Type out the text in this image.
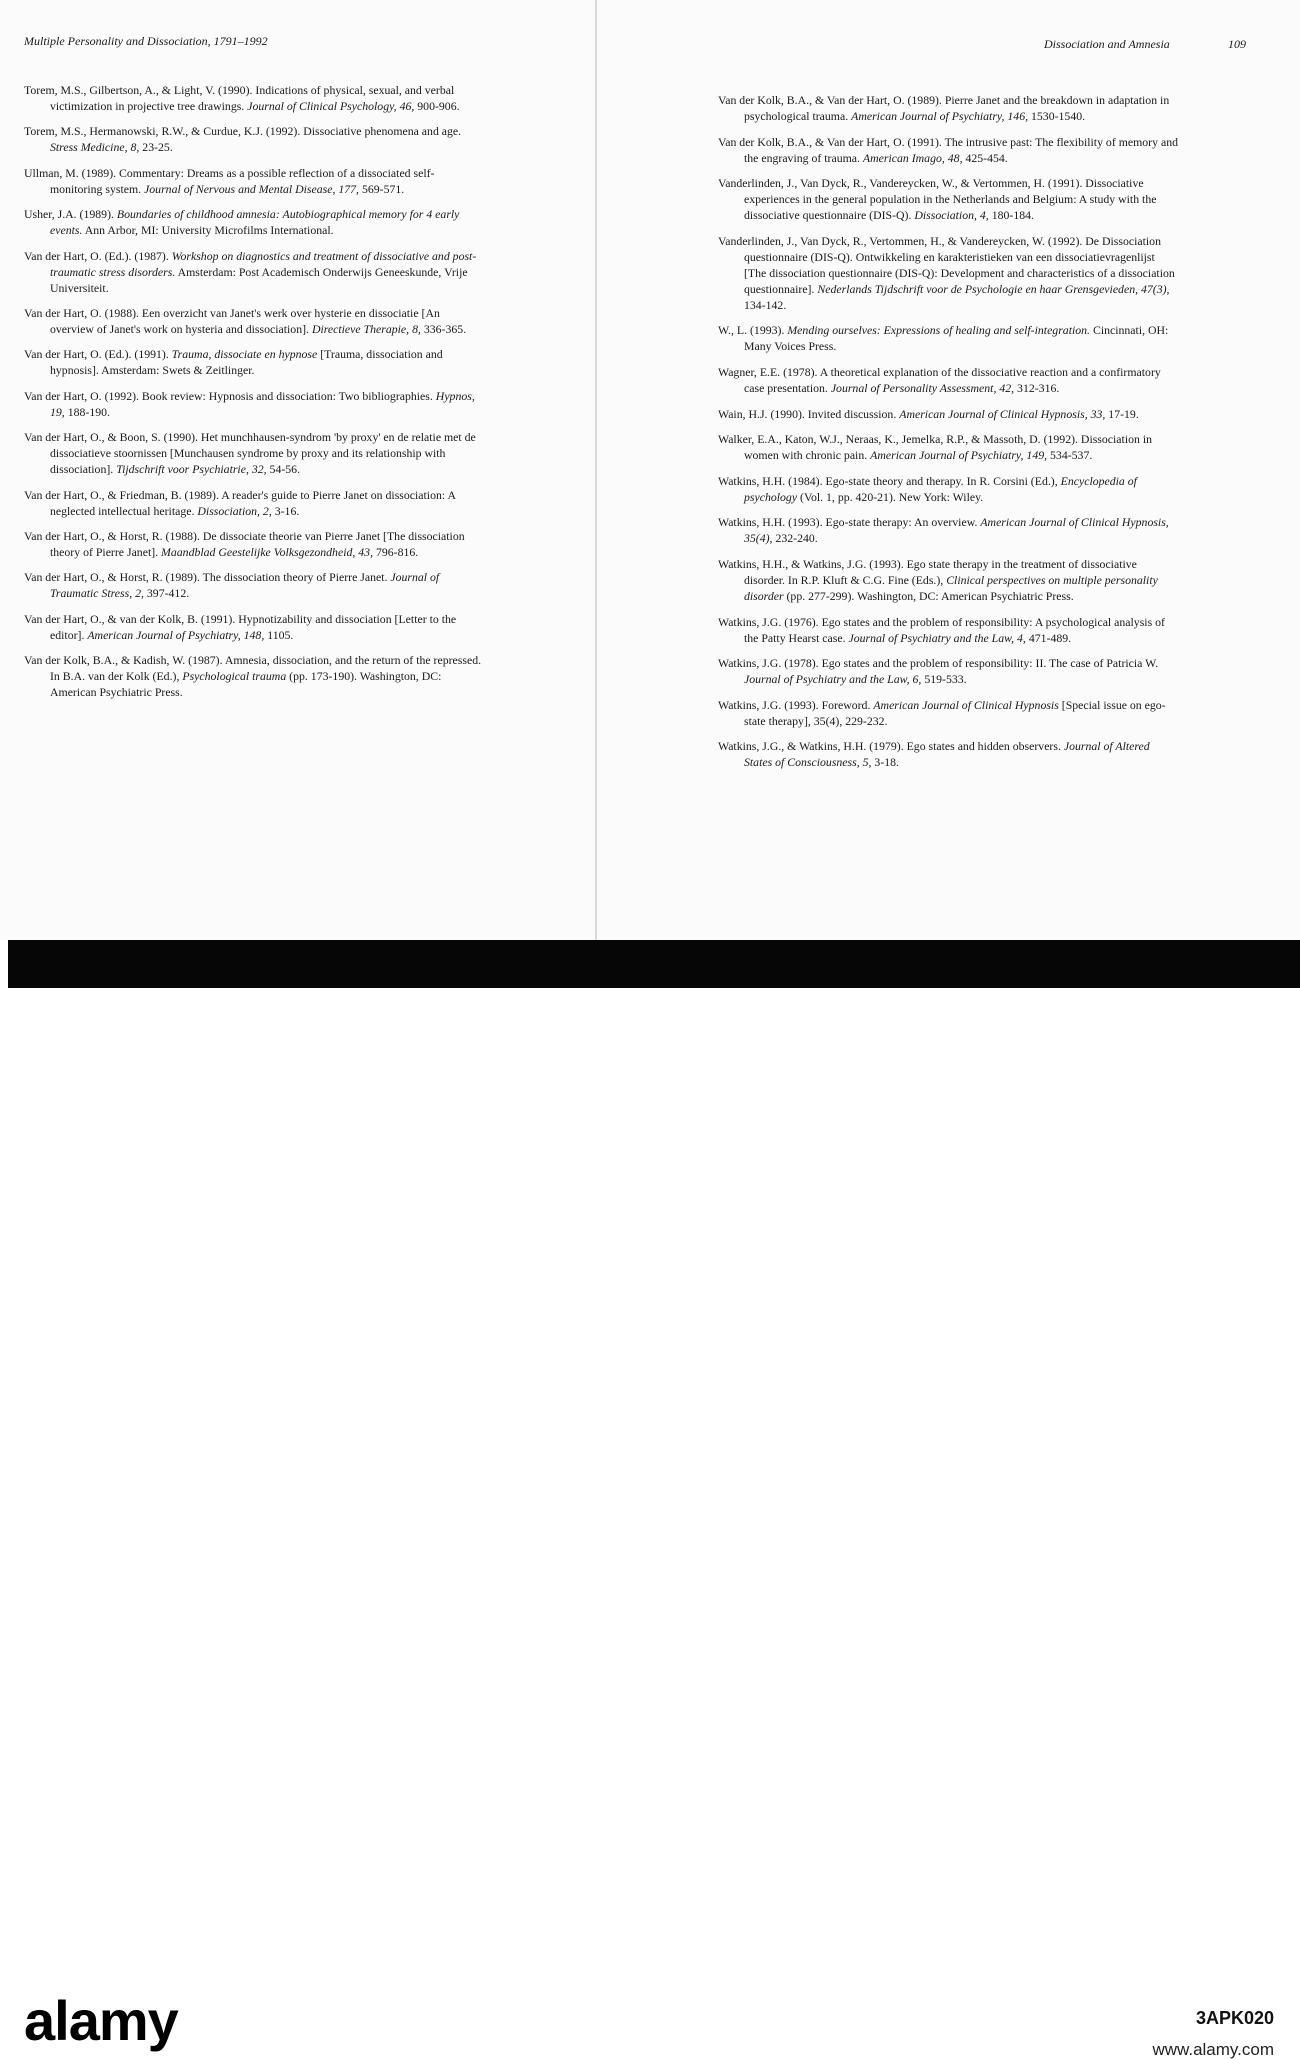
Multiple Personality and Dissociation, 1791–1992	Dissociation and Amnesia	109

Torem, M.S., Gilbertson, A., & Light, V. (1990). Indications of physical, sexual, and verbal victimization in projective tree drawings. Journal of Clinical Psychology, 46, 900-906.

Torem, M.S., Hermanowski, R.W., & Curdue, K.J. (1992). Dissociative phenomena and age. Stress Medicine, 8, 23-25.

Ullman, M. (1989). Commentary: Dreams as a possible reflection of a dissociated self-monitoring system. Journal of Nervous and Mental Disease, 177, 569-571.

Usher, J.A. (1989). Boundaries of childhood amnesia: Autobiographical memory for 4 early events. Ann Arbor, MI: University Microfilms International.

Van der Hart, O. (Ed.). (1987). Workshop on diagnostics and treatment of dissociative and post-traumatic stress disorders. Amsterdam: Post Academisch Onderwijs Geneeskunde, Vrije Universiteit.

Van der Hart, O. (1988). Een overzicht van Janet's werk over hysterie en dissociatie [An overview of Janet's work on hysteria and dissociation]. Directieve Therapie, 8, 336-365.

Van der Hart, O. (Ed.). (1991). Trauma, dissociate en hypnose [Trauma, dissociation and hypnosis]. Amsterdam: Swets & Zeitlinger.

Van der Hart, O. (1992). Book review: Hypnosis and dissociation: Two bibliographies. Hypnos, 19, 188-190.

Van der Hart, O., & Boon, S. (1990). Het munchhausen-syndrom 'by proxy' en de relatie met de dissociatieve stoornissen [Munchausen syndrome by proxy and its relationship with dissociation]. Tijdschrift voor Psychiatrie, 32, 54-56.

Van der Hart, O., & Friedman, B. (1989). A reader's guide to Pierre Janet on dissociation: A neglected intellectual heritage. Dissociation, 2, 3-16.

Van der Hart, O., & Horst, R. (1988). De dissociate theorie van Pierre Janet [The dissociation theory of Pierre Janet]. Maandblad Geestelijke Volksgezondheid, 43, 796-816.

Van der Hart, O., & Horst, R. (1989). The dissociation theory of Pierre Janet. Journal of Traumatic Stress, 2, 397-412.

Van der Hart, O., & van der Kolk, B. (1991). Hypnotizability and dissociation [Letter to the editor]. American Journal of Psychiatry, 148, 1105.

Van der Kolk, B.A., & Kadish, W. (1987). Amnesia, dissociation, and the return of the repressed. In B.A. van der Kolk (Ed.), Psychological trauma (pp. 173-190). Washington, DC: American Psychiatric Press.

Van der Kolk, B.A., & Van der Hart, O. (1989). Pierre Janet and the breakdown in adaptation in psychological trauma. American Journal of Psychiatry, 146, 1530-1540.

Van der Kolk, B.A., & Van der Hart, O. (1991). The intrusive past: The flexibility of memory and the engraving of trauma. American Imago, 48, 425-454.

Vanderlinden, J., Van Dyck, R., Vandereycken, W., & Vertommen, H. (1991). Dissociative experiences in the general population in the Netherlands and Belgium: A study with the dissociative questionnaire (DIS-Q). Dissociation, 4, 180-184.

Vanderlinden, J., Van Dyck, R., Vertommen, H., & Vandereycken, W. (1992). De Dissociation questionnaire (DIS-Q). Ontwikkeling en karakteristieken van een dissociatievragenlijst [The dissociation questionnaire (DIS-Q): Development and characteristics of a dissociation questionnaire]. Nederlands Tijdschrift voor de Psychologie en haar Grensgevieden, 47(3), 134-142.

W., L. (1993). Mending ourselves: Expressions of healing and self-integration. Cincinnati, OH: Many Voices Press.

Wagner, E.E. (1978). A theoretical explanation of the dissociative reaction and a confirmatory case presentation. Journal of Personality Assessment, 42, 312-316.

Wain, H.J. (1990). Invited discussion. American Journal of Clinical Hypnosis, 33, 17-19.

Walker, E.A., Katon, W.J., Neraas, K., Jemelka, R.P., & Massoth, D. (1992). Dissociation in women with chronic pain. American Journal of Psychiatry, 149, 534-537.

Watkins, H.H. (1984). Ego-state theory and therapy. In R. Corsini (Ed.), Encyclopedia of psychology (Vol. 1, pp. 420-21). New York: Wiley.

Watkins, H.H. (1993). Ego-state therapy: An overview. American Journal of Clinical Hypnosis, 35(4), 232-240.

Watkins, H.H., & Watkins, J.G. (1993). Ego state therapy in the treatment of dissociative disorder. In R.P. Kluft & C.G. Fine (Eds.), Clinical perspectives on multiple personality disorder (pp. 277-299). Washington, DC: American Psychiatric Press.

Watkins, J.G. (1976). Ego states and the problem of responsibility: A psychological analysis of the Patty Hearst case. Journal of Psychiatry and the Law, 4, 471-489.

Watkins, J.G. (1978). Ego states and the problem of responsibility: II. The case of Patricia W. Journal of Psychiatry and the Law, 6, 519-533.

Watkins, J.G. (1993). Foreword. American Journal of Clinical Hypnosis [Special issue on ego-state therapy], 35(4), 229-232.

Watkins, J.G., & Watkins, H.H. (1979). Ego states and hidden observers. Journal of Altered States of Consciousness, 5, 3-18.

alamy	3APK020
www.alamy.com
